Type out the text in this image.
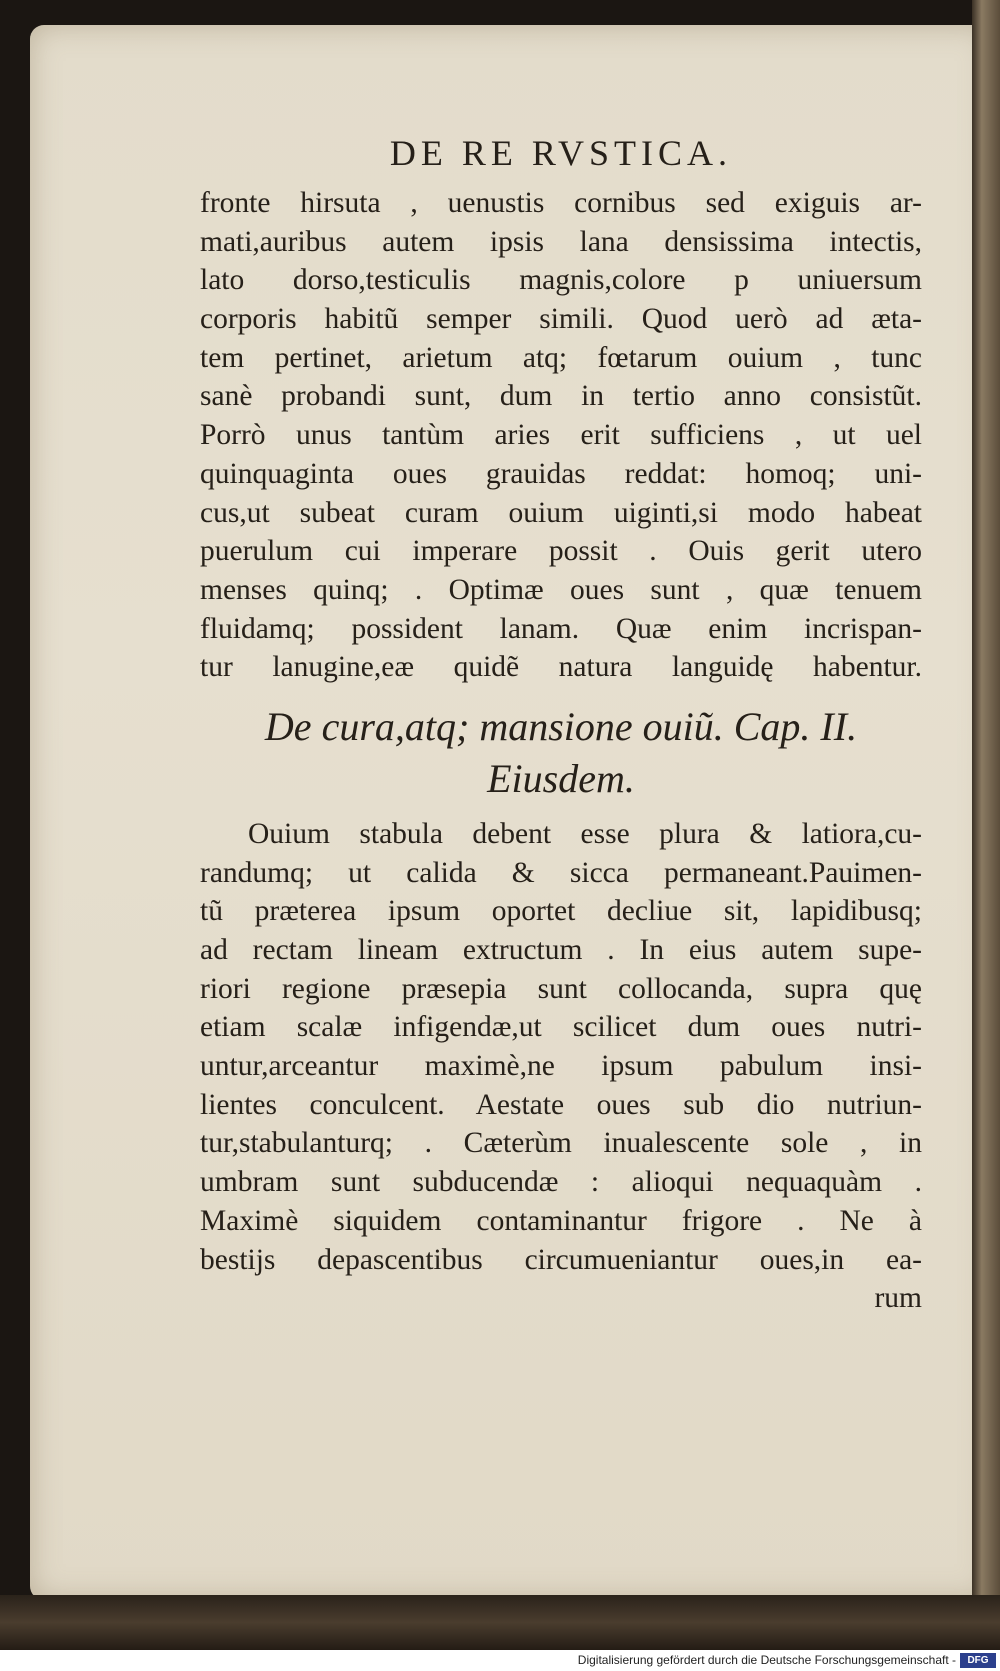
DE RE RVSTICA.
fronte hirsuta , uenustis cornibus sed exiguis ar-
mati,auribus autem ipsis lana densissima intectis,
lato dorso,testiculis magnis,colore p uniuersum
corporis habitũ semper simili. Quod uerò ad æta-
tem pertinet, arietum atq; fœtarum ouium , tunc
sanè probandi sunt, dum in tertio anno consistũt.
Porrò unus tantùm aries erit sufficiens , ut uel
quinquaginta oues grauidas reddat: homoq; uni-
cus,ut subeat curam ouium uiginti,si modo habeat
puerulum cui imperare possit . Ouis gerit utero
menses quinq; . Optimæ oues sunt , quæ tenuem
fluidamq; possident lanam. Quæ enim incrispan-
tur lanugine,eæ quidẽ natura languidę habentur.
De cura,atq; mansione ouiũ. Cap. II.
Eiusdem.
Ouium stabula debent esse plura & latiora,cu-
randumq; ut calida & sicca permaneant.Pauimen-
tũ præterea ipsum oportet decliue sit, lapidibusq;
ad rectam lineam extructum . In eius autem supe-
riori regione præsepia sunt collocanda, supra quę
etiam scalæ infigendæ,ut scilicet dum oues nutri-
untur,arceantur maximè,ne ipsum pabulum insi-
lientes conculcent. Aestate oues sub dio nutriun-
tur,stabulanturq; . Cæterùm inualescente sole , in
umbram sunt subducendæ : alioqui nequaquàm .
Maximè siquidem contaminantur frigore . Ne à
bestijs depascentibus circumueniantur oues,in ea-
rum
Digitalisierung gefördert durch die Deutsche Forschungsgemeinschaft -	DFG
